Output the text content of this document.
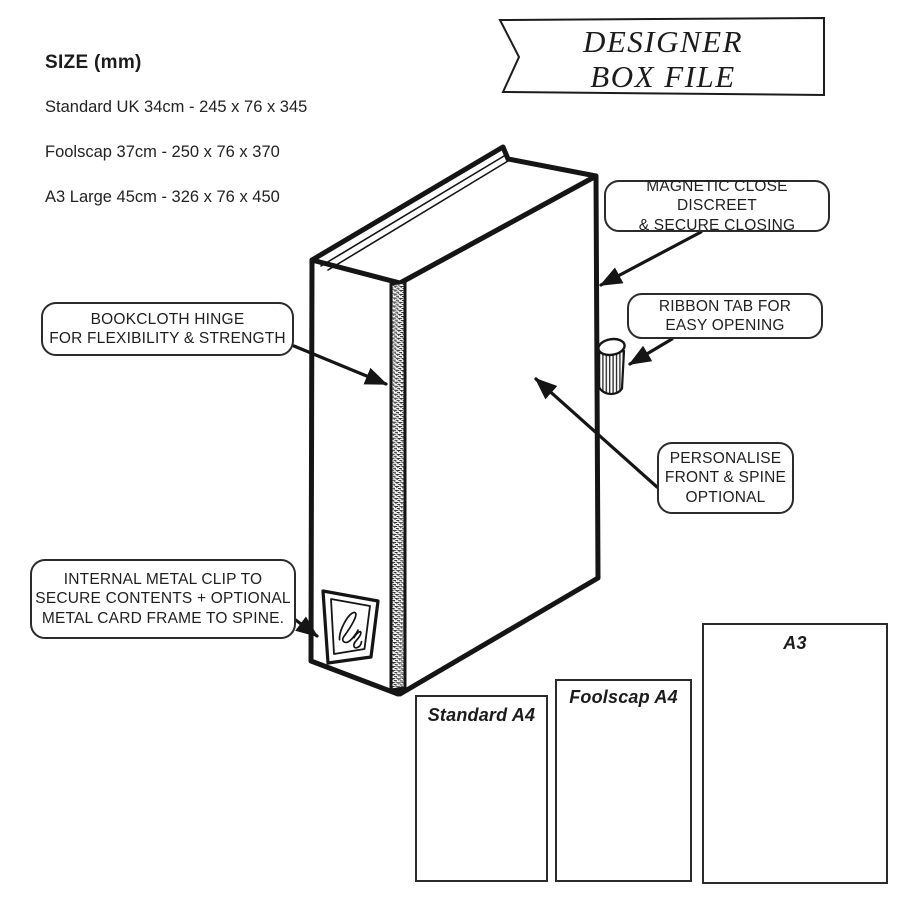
SIZE (mm)
Standard UK 34cm - 245 x 76 x 345
Foolscap 37cm - 250 x 76 x 370
A3 Large 45cm - 326 x 76 x 450
DESIGNER
BOX FILE
MAGNETIC CLOSE DISCREET
& SECURE CLOSING
RIBBON TAB FOR
EASY OPENING
BOOKCLOTH HINGE
FOR FLEXIBILITY & STRENGTH
PERSONALISE
FRONT & SPINE
OPTIONAL
INTERNAL METAL CLIP TO
SECURE CONTENTS + OPTIONAL
METAL CARD FRAME TO SPINE.
Standard A4
Foolscap A4
A3
